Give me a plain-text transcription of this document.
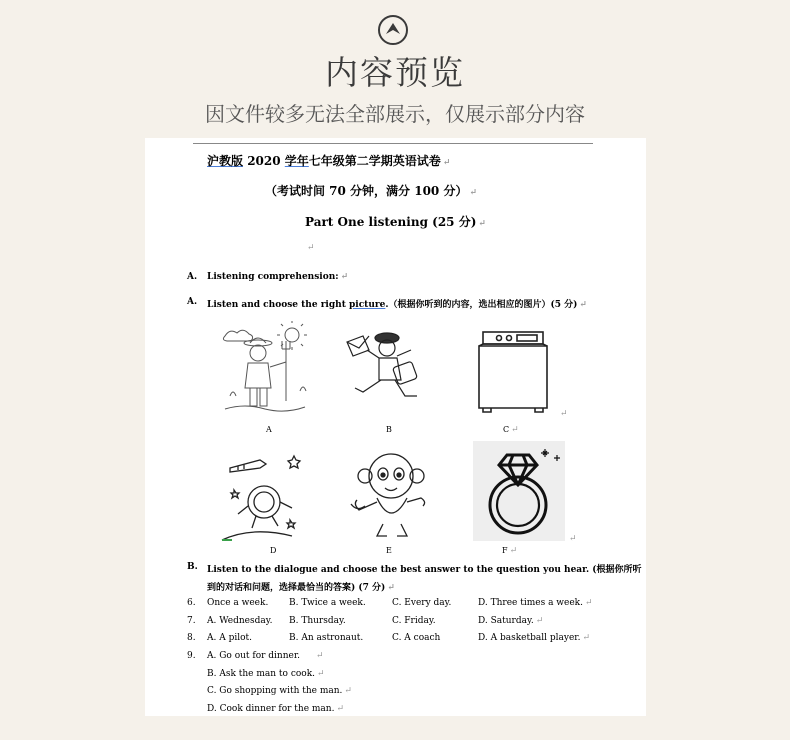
内容预览
因文件较多无法全部展示，仅展示部分内容
沪教版 2020 学年七年级第二学期英语试卷 ↵
（考试时间 70 分钟，满分 100 分） ↵
Part One listening (25 分) ↵
↵
A. Listening comprehension: ↵
A. Listen and choose the right picture.（根据你听到的内容，选出相应的图片）(5 分) ↵
A	B	C ↵
↵
D	E	F ↵
↵
B. Listen to the dialogue and choose the best answer to the question you hear. (根据你所听
到的对话和问题，选择最恰当的答案) (7 分) ↵
6. Once a week. B. Twice a week.	C. Every day.	D. Three times a week. ↵
7. A. Wednesday. B. Thursday.	C. Friday.	D. Saturday. ↵
8. A. A pilot.	B. An astronaut.	C. A coach	D. A basketball player. ↵
9. A. Go out for dinner. ↵
B. Ask the man to cook. ↵
C. Go shopping with the man. ↵
D. Cook dinner for the man. ↵
